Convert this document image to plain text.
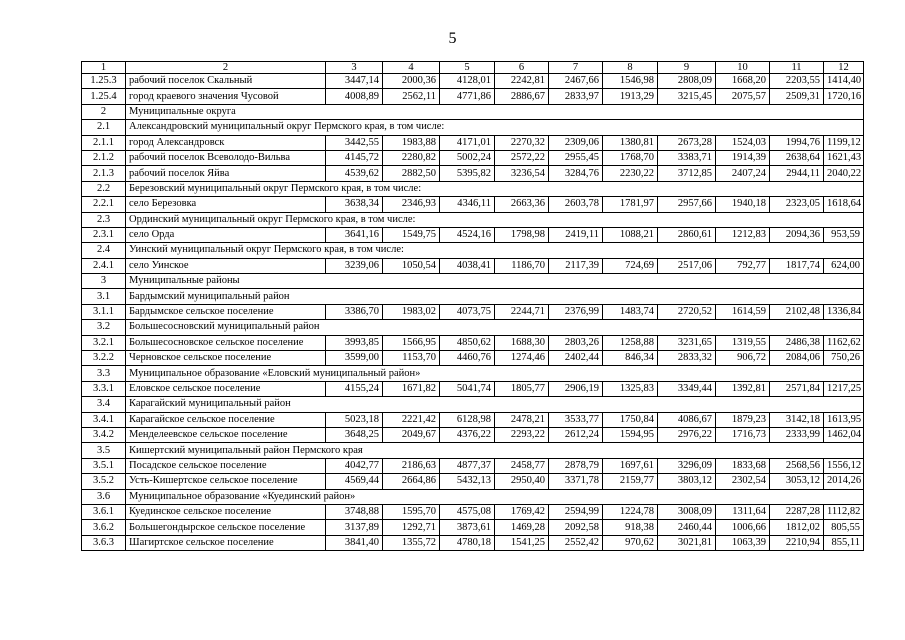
5
1	2	3	4	5	6	7	8	9	10	11	12
1.25.3	рабочий поселок Скальный	3447,14	2000,36	4128,01	2242,81	2467,66	1546,98	2808,09	1668,20	2203,55	1414,40
1.25.4	город краевого значения Чусовой	4008,89	2562,11	4771,86	2886,67	2833,97	1913,29	3215,45	2075,57	2509,31	1720,16
2	Муниципальные округа										
2.1	Александровский муниципальный округ Пермского края, в том числе:										
2.1.1	город Александровск	3442,55	1983,88	4171,01	2270,32	2309,06	1380,81	2673,28	1524,03	1994,76	1199,12
2.1.2	рабочий поселок Всеволодо-Вильва	4145,72	2280,82	5002,24	2572,22	2955,45	1768,70	3383,71	1914,39	2638,64	1621,43
2.1.3	рабочий поселок Яйва	4539,62	2882,50	5395,82	3236,54	3284,76	2230,22	3712,85	2407,24	2944,11	2040,22
2.2	Березовский муниципальный округ Пермского края, в том числе:										
2.2.1	село Березовка	3638,34	2346,93	4346,11	2663,36	2603,78	1781,97	2957,66	1940,18	2323,05	1618,64
2.3	Ординский муниципальный округ Пермского края, в том числе:										
2.3.1	село Орда	3641,16	1549,75	4524,16	1798,98	2419,11	1088,21	2860,61	1212,83	2094,36	953,59
2.4	Уинский муниципальный округ Пермского края, в том числе:										
2.4.1	село Уинское	3239,06	1050,54	4038,41	1186,70	2117,39	724,69	2517,06	792,77	1817,74	624,00
3	Муниципальные районы										
3.1	Бардымский муниципальный район										
3.1.1	Бардымское сельское поселение	3386,70	1983,02	4073,75	2244,71	2376,99	1483,74	2720,52	1614,59	2102,48	1336,84
3.2	Большесосновский муниципальный район										
3.2.1	Большесосновское сельское поселение	3993,85	1566,95	4850,62	1688,30	2803,26	1258,88	3231,65	1319,55	2486,38	1162,62
3.2.2	Черновское сельское поселение	3599,00	1153,70	4460,76	1274,46	2402,44	846,34	2833,32	906,72	2084,06	750,26
3.3	Муниципальное образование «Еловский муниципальный район»										
3.3.1	Еловское сельское поселение	4155,24	1671,82	5041,74	1805,77	2906,19	1325,83	3349,44	1392,81	2571,84	1217,25
3.4	Карагайский муниципальный район										
3.4.1	Карагайское сельское поселение	5023,18	2221,42	6128,98	2478,21	3533,77	1750,84	4086,67	1879,23	3142,18	1613,95
3.4.2	Менделеевское сельское поселение	3648,25	2049,67	4376,22	2293,22	2612,24	1594,95	2976,22	1716,73	2333,99	1462,04
3.5	Кишертский муниципальный район Пермского края										
3.5.1	Посадское сельское поселение	4042,77	2186,63	4877,37	2458,77	2878,79	1697,61	3296,09	1833,68	2568,56	1556,12
3.5.2	Усть-Кишертское сельское поселение	4569,44	2664,86	5432,13	2950,40	3371,78	2159,77	3803,12	2302,54	3053,12	2014,26
3.6	Муниципальное образование «Куединский район»										
3.6.1	Куединское сельское поселение	3748,88	1595,70	4575,08	1769,42	2594,99	1224,78	3008,09	1311,64	2287,28	1112,82
3.6.2	Большегондырское сельское поселение	3137,89	1292,71	3873,61	1469,28	2092,58	918,38	2460,44	1006,66	1812,02	805,55
3.6.3	Шагиртское сельское поселение	3841,40	1355,72	4780,18	1541,25	2552,42	970,62	3021,81	1063,39	2210,94	855,11
